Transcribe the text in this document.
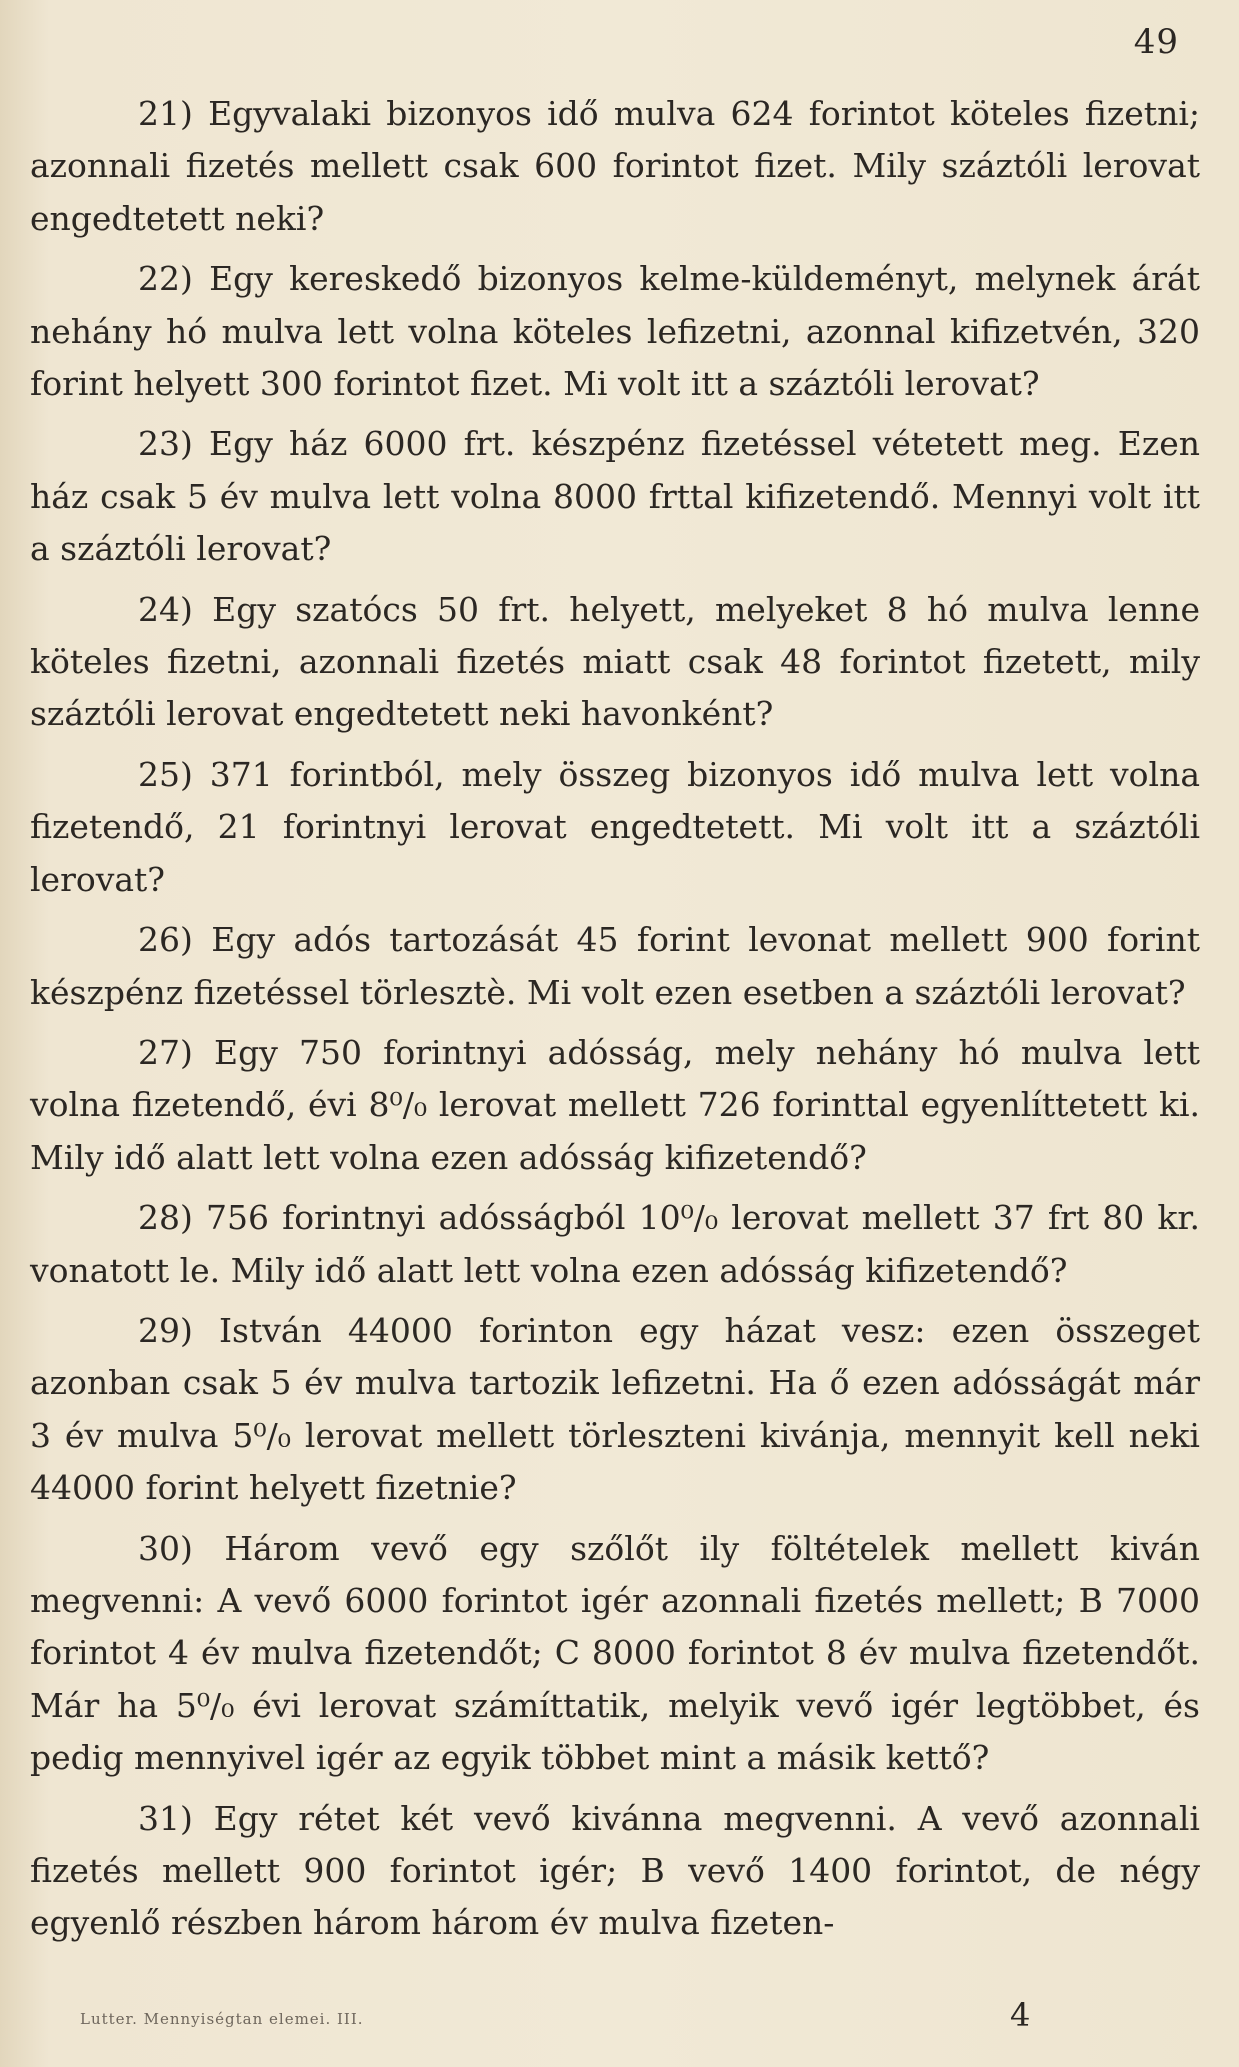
49

21) Egyvalaki bizonyos idő mulva 624 forintot köteles fizetni; azonnali fizetés mellett csak 600 forintot fizet. Mily száztóli lerovat engedtetett neki?

22) Egy kereskedő bizonyos kelme-küldeményt, melynek árát nehány hó mulva lett volna köteles lefizetni, azonnal kifizetvén, 320 forint helyett 300 forintot fizet. Mi volt itt a száztóli lerovat?

23) Egy ház 6000 frt. készpénz fizetéssel vétetett meg. Ezen ház csak 5 év mulva lett volna 8000 frttal kifizetendő. Mennyi volt itt a száztóli lerovat?

24) Egy szatócs 50 frt. helyett, melyeket 8 hó mulva lenne köteles fizetni, azonnali fizetés miatt csak 48 forintot fizetett, mily száztóli lerovat engedtetett neki havonként?

25) 371 forintból, mely összeg bizonyos idő mulva lett volna fizetendő, 21 forintnyi lerovat engedtetett. Mi volt itt a száztóli lerovat?

26) Egy adós tartozását 45 forint levonat mellett 900 forint készpénz fizetéssel törlesztè. Mi volt ezen esetben a száztóli lerovat?

27) Egy 750 forintnyi adósság, mely nehány hó mulva lett volna fizetendő, évi 8⁰/₀ lerovat mellett 726 forinttal egyenlíttetett ki. Mily idő alatt lett volna ezen adósság kifizetendő?

28) 756 forintnyi adósságból 10⁰/₀ lerovat mellett 37 frt 80 kr. vonatott le. Mily idő alatt lett volna ezen adósság kifizetendő?

29) István 44000 forinton egy házat vesz: ezen összeget azonban csak 5 év mulva tartozik lefizetni. Ha ő ezen adósságát már 3 év mulva 5⁰/₀ lerovat mellett törleszteni kivánja, mennyit kell neki 44000 forint helyett fizetnie?

30) Három vevő egy szőlőt ily föltételek mellett kiván megvenni: A vevő 6000 forintot igér azonnali fizetés mellett; B 7000 forintot 4 év mulva fizetendőt; C 8000 forintot 8 év mulva fizetendőt. Már ha 5⁰/₀ évi lerovat számíttatik, melyik vevő igér legtöbbet, és pedig mennyivel igér az egyik többet mint a másik kettő?

31) Egy rétet két vevő kivánna megvenni. A vevő azonnali fizetés mellett 900 forintot igér; B vevő 1400 forintot, de négy egyenlő részben három három év mulva fizeten-

Lutter. Mennyiségtan elemei. III.	4
